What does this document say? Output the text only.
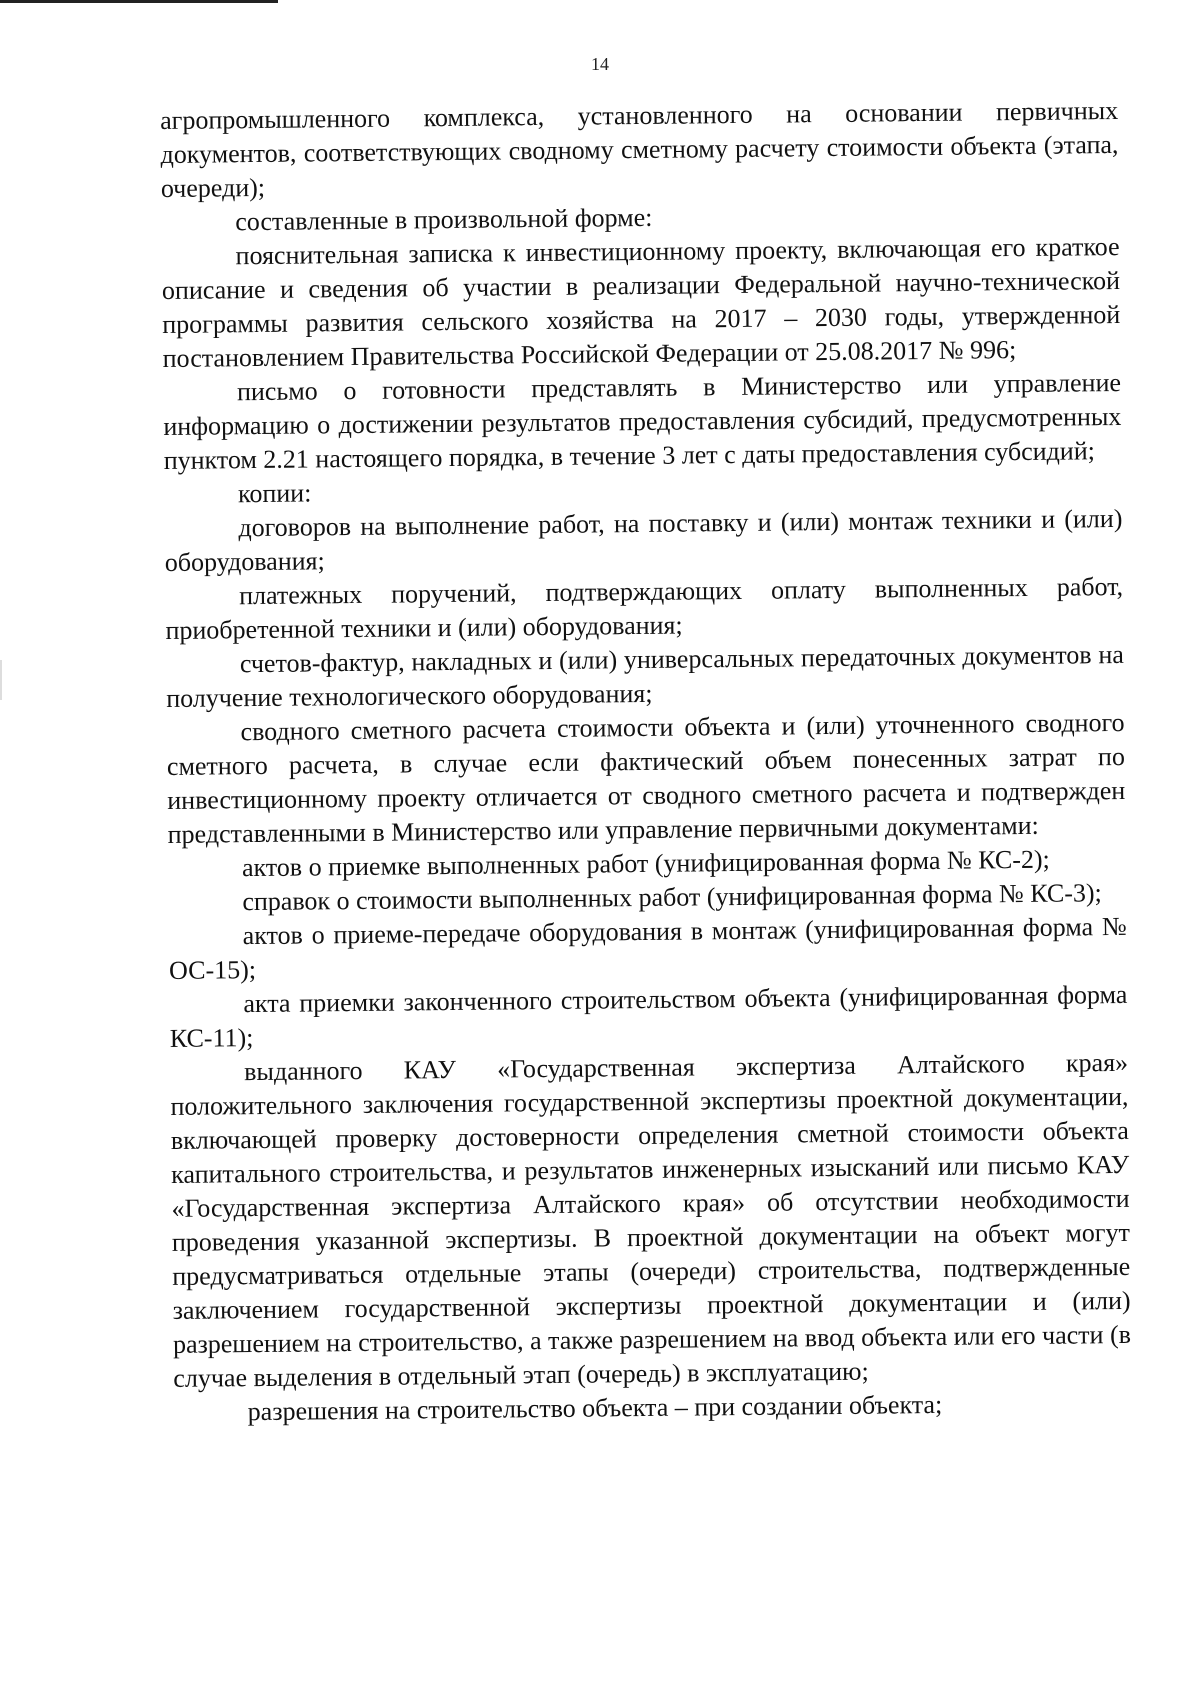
14

агропромышленного комплекса, установленного на основании первичных документов, соответствующих сводному сметному расчету стоимости объекта (этапа, очереди);

составленные в произвольной форме:

пояснительная записка к инвестиционному проекту, включающая его краткое описание и сведения об участии в реализации Федеральной научно-технической программы развития сельского хозяйства на 2017 – 2030 годы, утвержденной постановлением Правительства Российской Федерации от 25.08.2017 № 996;

письмо о готовности представлять в Министерство или управление информацию о достижении результатов предоставления субсидий, предусмотренных пунктом 2.21 настоящего порядка, в течение 3 лет с даты предоставления субсидий;

копии:

договоров на выполнение работ, на поставку и (или) монтаж техники и (или) оборудования;

платежных поручений, подтверждающих оплату выполненных работ, приобретенной техники и (или) оборудования;

счетов-фактур, накладных и (или) универсальных передаточных документов на получение технологического оборудования;

сводного сметного расчета стоимости объекта и (или) уточненного сводного сметного расчета, в случае если фактический объем понесенных затрат по инвестиционному проекту отличается от сводного сметного расчета и подтвержден представленными в Министерство или управление первичными документами:

актов о приемке выполненных работ (унифицированная форма № КС-2);

справок о стоимости выполненных работ (унифицированная форма № КС-3);

актов о приеме-передаче оборудования в монтаж (унифицированная форма № ОС-15);

акта приемки законченного строительством объекта (унифицированная форма КС-11);

выданного КАУ «Государственная экспертиза Алтайского края» положительного заключения государственной экспертизы проектной документации, включающей проверку достоверности определения сметной стоимости объекта капитального строительства, и результатов инженерных изысканий или письмо КАУ «Государственная экспертиза Алтайского края» об отсутствии необходимости проведения указанной экспертизы. В проектной документации на объект могут предусматриваться отдельные этапы (очереди) строительства, подтвержденные заключением государственной экспертизы проектной документации и (или) разрешением на строительство, а также разрешением на ввод объекта или его части (в случае выделения в отдельный этап (очередь) в эксплуатацию;

разрешения на строительство объекта – при создании объекта;
